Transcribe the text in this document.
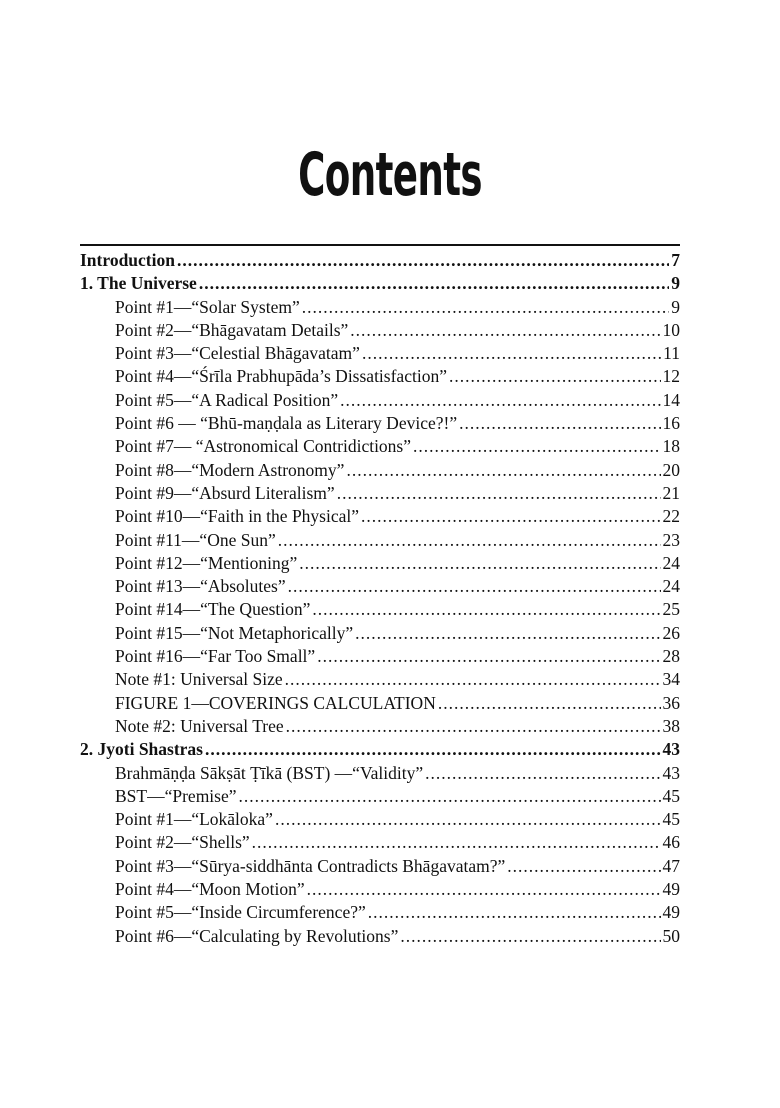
Contents
Introduction .....	7
1. The Universe .....	9
Point #1—“Solar System” .....	9
Point #2—“Bhāgavatam Details” .....	10
Point #3—“Celestial Bhāgavatam” .....	11
Point #4—“Śrīla Prabhupāda’s Dissatisfaction” .....	12
Point #5—“A Radical Position” .....	14
Point #6 — “Bhū-maṇḍala as Literary Device?!” .....	16
Point #7— “Astronomical Contridictions” .....	18
Point #8—“Modern Astronomy” .....	20
Point #9—“Absurd Literalism” .....	21
Point #10—“Faith in the Physical” .....	22
Point #11—“One Sun” .....	23
Point #12—“Mentioning” .....	24
Point #13—“Absolutes” .....	24
Point #14—“The Question” .....	25
Point #15—“Not Metaphorically” .....	26
Point #16—“Far Too Small” .....	28
Note #1: Universal Size .....	34
FIGURE 1—COVERINGS CALCULATION .....	36
Note #2: Universal Tree .....	38
2. Jyoti Shastras .....	43
Brahmāṇḍa Sākṣāt Ṭīkā (BST) —“Validity” .....	43
BST—“Premise” .....	45
Point #1—“Lokāloka” .....	45
Point #2—“Shells” .....	46
Point #3—“Sūrya-siddhānta Contradicts Bhāgavatam?” .....	47
Point #4—“Moon Motion” .....	49
Point #5—“Inside Circumference?” .....	49
Point #6—“Calculating by Revolutions” .....	50
